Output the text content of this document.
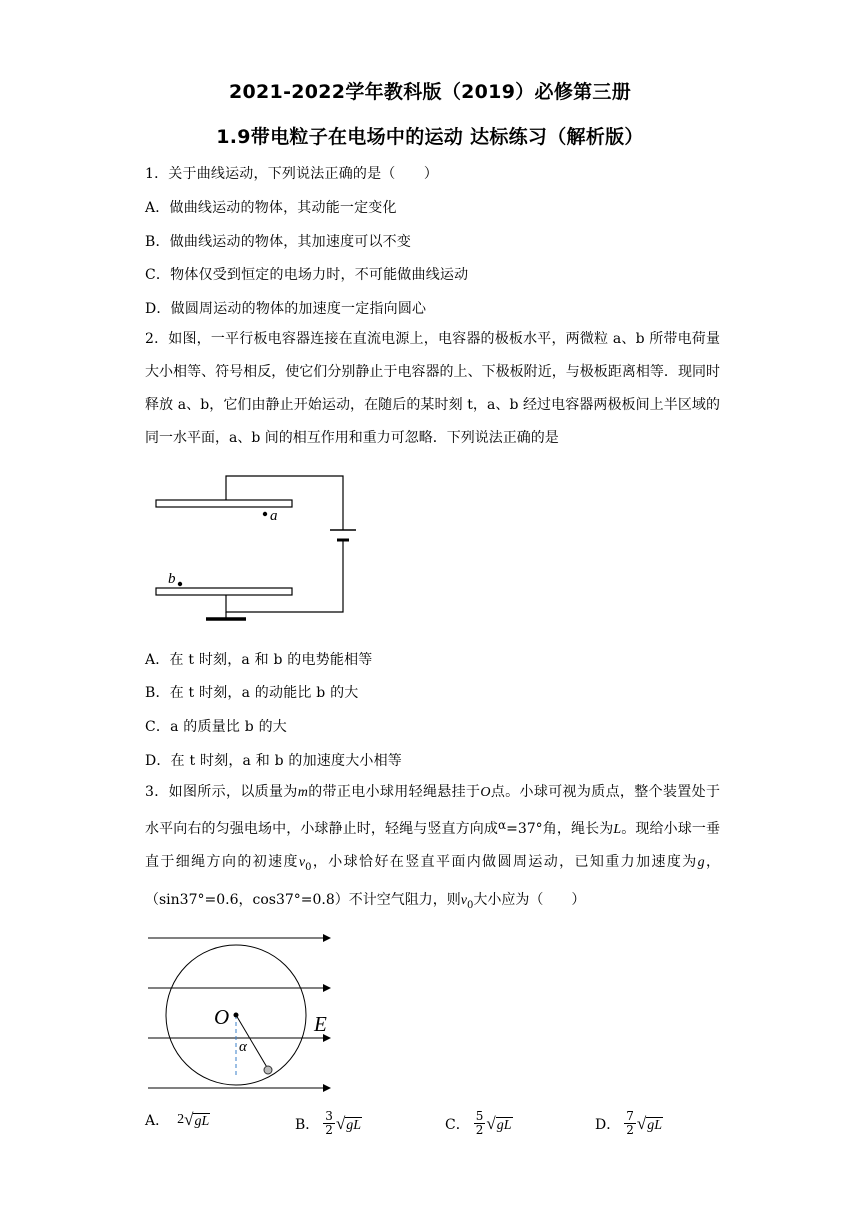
2021-2022学年教科版（2019）必修第三册
1.9带电粒子在电场中的运动 达标练习（解析版）
1．关于曲线运动，下列说法正确的是（　　）
A．做曲线运动的物体，其动能一定变化
B．做曲线运动的物体，其加速度可以不变
C．物体仅受到恒定的电场力时，不可能做曲线运动
D．做圆周运动的物体的加速度一定指向圆心
2．如图，一平行板电容器连接在直流电源上，电容器的极板水平，两微粒 a、b 所带电荷量大小相等、符号相反，使它们分别静止于电容器的上、下极板附近，与极板距离相等．现同时释放 a、b，它们由静止开始运动，在随后的某时刻 t，a、b 经过电容器两极板间上半区域的同一水平面，a、b 间的相互作用和重力可忽略．下列说法正确的是
a
b
A．在 t 时刻，a 和 b 的电势能相等
B．在 t 时刻，a 的动能比 b 的大
C．a 的质量比 b 的大
D．在 t 时刻，a 和 b 的加速度大小相等
3．如图所示，以质量为m的带正电小球用轻绳悬挂于O点。小球可视为质点，整个装置处于水平向右的匀强电场中，小球静止时，轻绳与竖直方向成α=37°角，绳长为L。现给小球一垂直于细绳方向的初速度$v_0$，小球恰好在竖直平面内做圆周运动，已知重力加速度为g，（sin37°=0.6，cos37°=0.8）不计空气阻力，则$v_0$大小应为（　　）
O	E
α
A． 2 √gL	B． $\frac{3}{2} √gL$	C． $\frac{5}{2} √gL$	D． $\frac{7}{2} √gL$
